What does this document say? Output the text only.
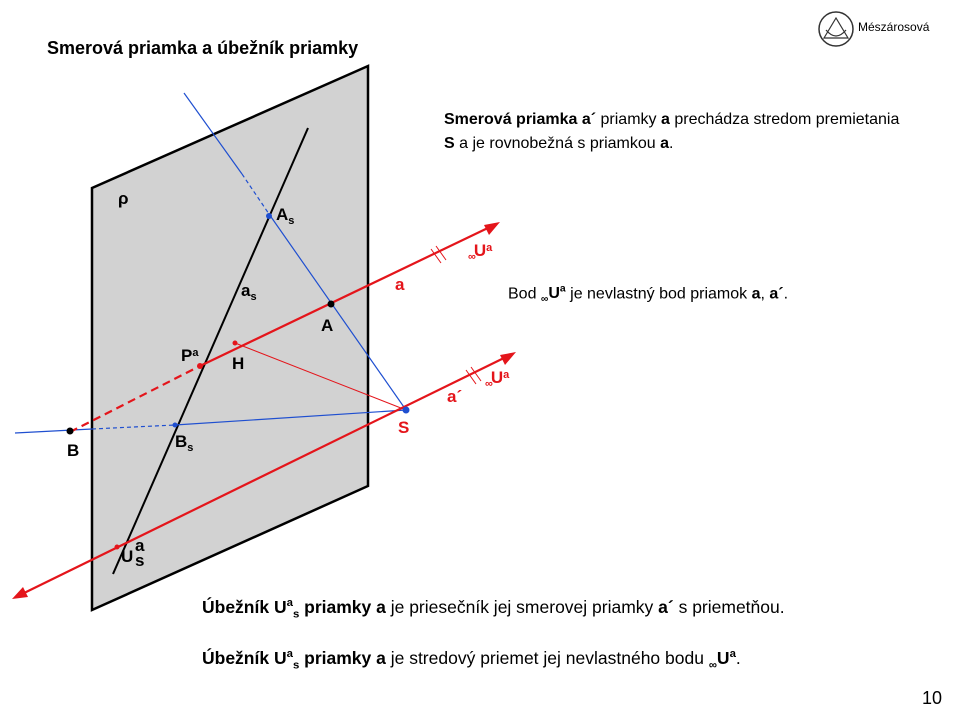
Smerová priamka a úbežník priamky
ρ
$A_s$
$a_s$
A
a
$_\infty U^a$
$_\infty U^a$
a´
$P^a$
H
S
B	$B_s$
U
a
s
Mészárosová
Smerová priamka a´ priamky a prechádza stredom premietania S a je rovnobežná s priamkou a.
Bod $_\infty U^a$ je nevlastný bod priamok a, a´.
Úbežník $U^a_s$ priamky a je priesečník jej smerovej priamky a´ s priemetňou.
Úbežník $U^a_s$ priamky a je stredový priemet jej nevlastného bodu $_\infty U^a$.
10
